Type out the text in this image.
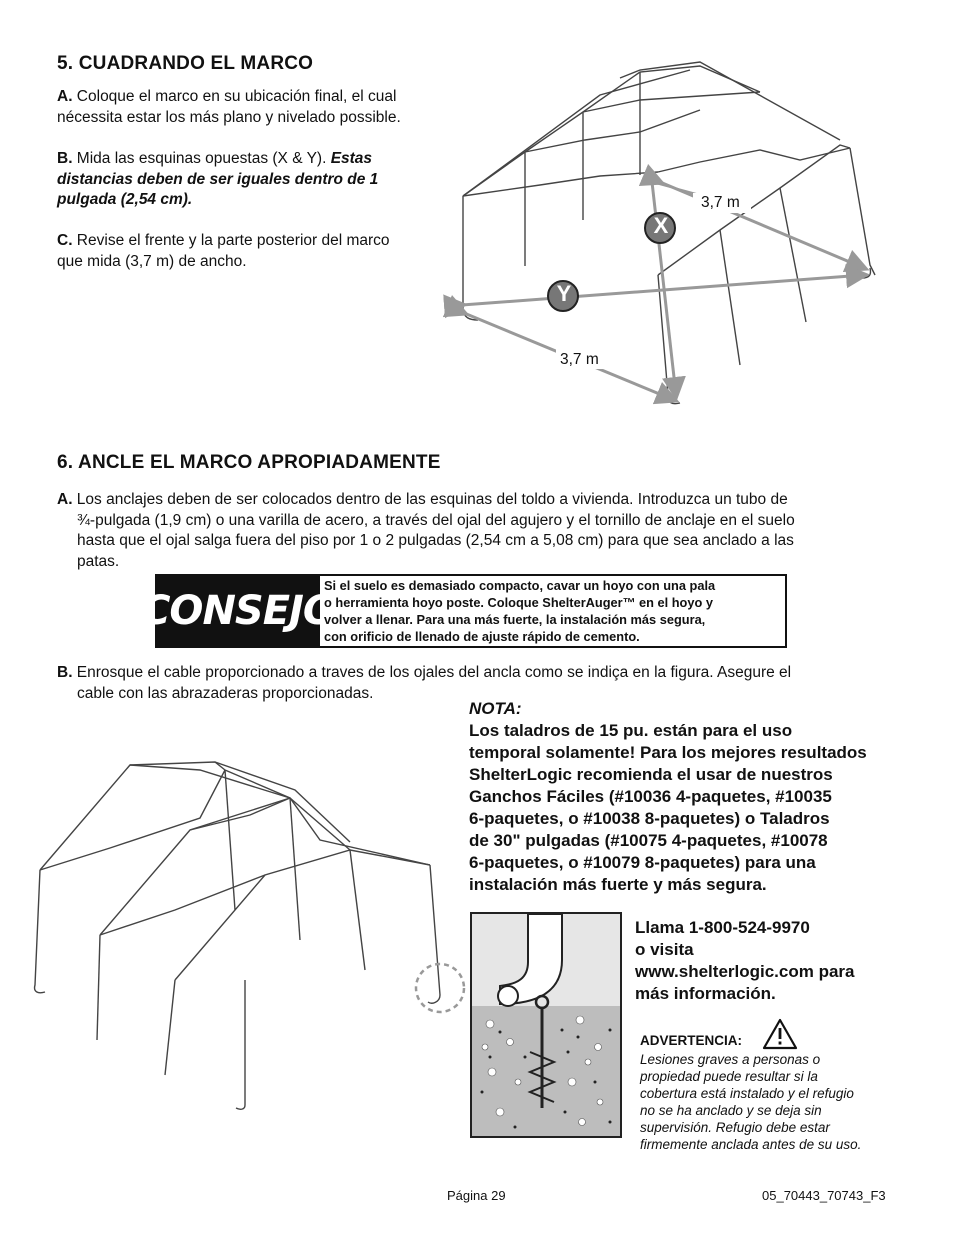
5. CUADRANDO EL MARCO
A. Coloque el marco en su ubicación final, el cual
nécessita estar los más plano y nivelado possible.
B. Mida las esquinas opuestas (X & Y). Estas
distancias deben de ser iguales dentro de 1
pulgada (2,54 cm).
C. Revise el frente y la parte posterior del marco
que mida (3,7 m) de ancho.
X
Y
3,7 m
3,7 m
6. ANCLE EL MARCO APROPIADAMENTE
A. Los anclajes deben de ser colocados dentro de las esquinas del toldo a vivienda. Introduzca un tubo de
¾-pulgada (1,9 cm) o una varilla de acero, a través del ojal del agujero y el tornillo de anclaje en el suelo
hasta que el ojal salga fuera del piso por 1 o 2 pulgadas (2,54 cm a 5,08 cm) para que sea anclado a las
patas.
CONSEJO
Si el suelo es demasiado compacto, cavar un hoyo con una pala
o herramienta hoyo poste. Coloque ShelterAuger™ en el hoyo y
volver a llenar. Para una más fuerte, la instalación más segura,
con orificio de llenado de ajuste rápido de cemento.
B. Enrosque el cable proporcionado a traves de los ojales del ancla como se indiça en la figura. Asegure el
cable con las abrazaderas proporcionadas.
NOTA:
Los taladros de 15 pu. están para el uso
temporal solamente! Para los mejores resultados
ShelterLogic recomienda el usar de nuestros
Ganchos Fáciles (#10036 4-paquetes, #10035
6-paquetes, o #10038 8-paquetes) o Taladros
de 30" pulgadas (#10075 4-paquetes, #10078
6-paquetes, o #10079 8-paquetes) para una
instalación más fuerte y más segura.
Llama 1-800-524-9970
o visita
www.shelterlogic.com para
más información.
ADVERTENCIA:
Lesiones graves a personas o
propiedad puede resultar si la
cobertura está instalado y el refugio
no se ha anclado y se deja sin
supervisión. Refugio debe estar
firmemente anclada antes de su uso.
Página 29	05_70443_70743_F3
